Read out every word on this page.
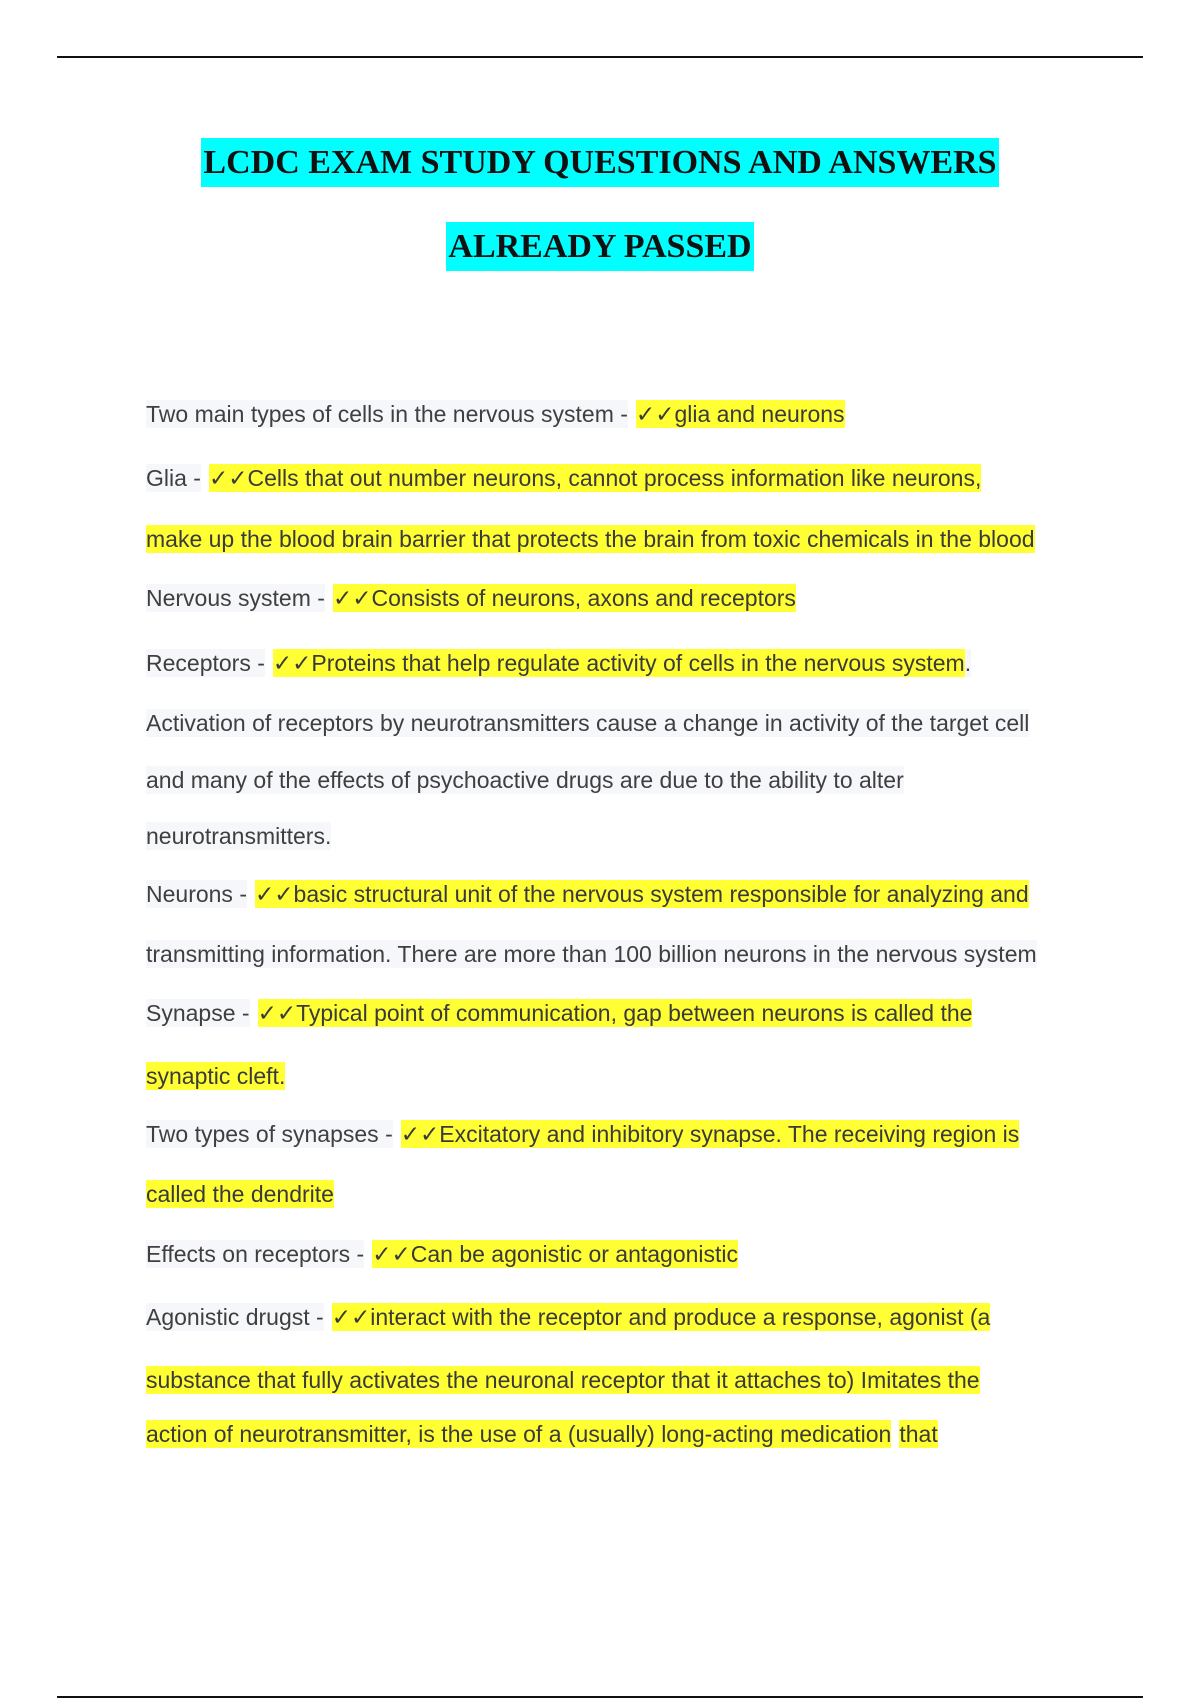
LCDC EXAM STUDY QUESTIONS AND ANSWERS
ALREADY PASSED
Two main types of cells in the nervous system - ✓✓glia and neurons
Glia - ✓✓Cells that out number neurons, cannot process information like neurons,
make up the blood brain barrier that protects the brain from toxic chemicals in the blood
Nervous system - ✓✓Consists of neurons, axons and receptors
Receptors - ✓✓Proteins that help regulate activity of cells in the nervous system.
Activation of receptors by neurotransmitters cause a change in activity of the target cell
and many of the effects of psychoactive drugs are due to the ability to alter
neurotransmitters.
Neurons - ✓✓basic structural unit of the nervous system responsible for analyzing and
transmitting information. There are more than 100 billion neurons in the nervous system
Synapse - ✓✓Typical point of communication, gap between neurons is called the
synaptic cleft.
Two types of synapses - ✓✓Excitatory and inhibitory synapse. The receiving region is
called the dendrite
Effects on receptors - ✓✓Can be agonistic or antagonistic
Agonistic drugst - ✓✓interact with the receptor and produce a response, agonist (a
substance that fully activates the neuronal receptor that it attaches to) Imitates the
action of neurotransmitter, is the use of a (usually) long-acting medication that
